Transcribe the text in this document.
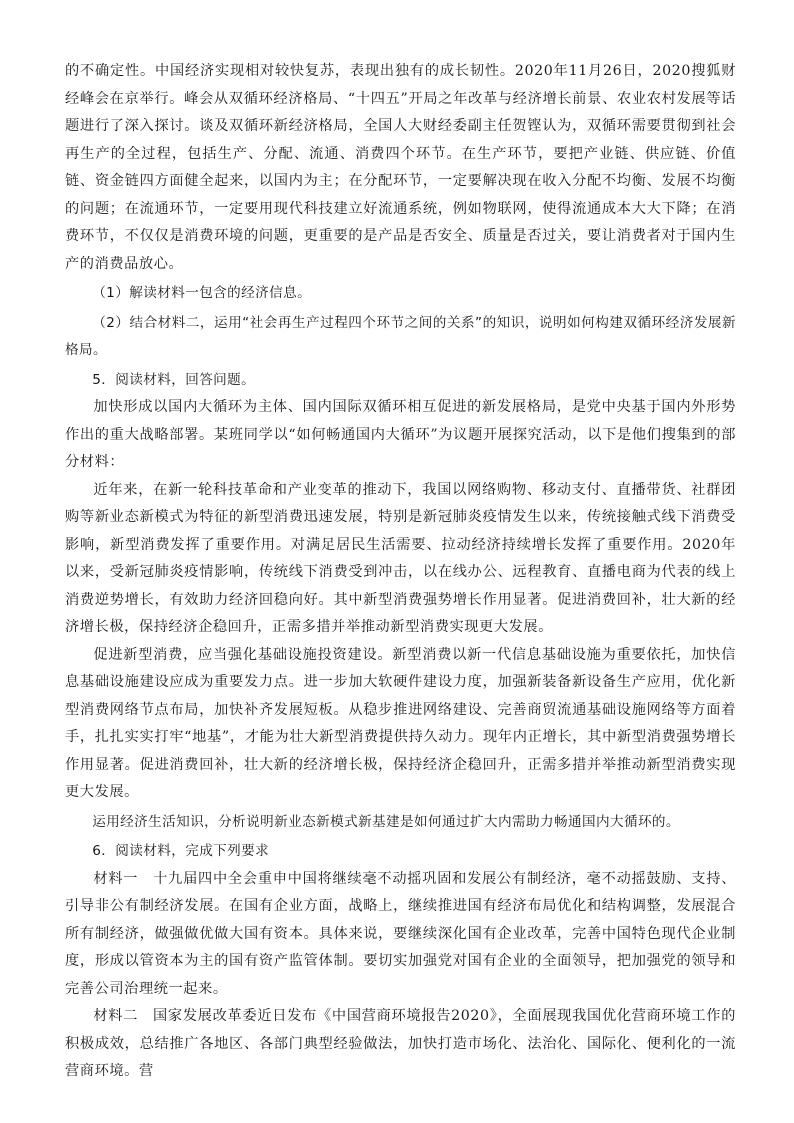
的不确定性。中国经济实现相对较快复苏，表现出独有的成长韧性。2020年11月26日，2020搜狐财经峰会在京举行。峰会从双循环经济格局、“十四五”开局之年改革与经济增长前景、农业农村发展等话题进行了深入探讨。谈及双循环新经济格局，全国人大财经委副主任贺铿认为，双循环需要贯彻到社会再生产的全过程，包括生产、分配、流通、消费四个环节。在生产环节，要把产业链、供应链、价值链、资金链四方面健全起来，以国内为主；在分配环节，一定要解决现在收入分配不均衡、发展不均衡的问题；在流通环节，一定要用现代科技建立好流通系统，例如物联网，使得流通成本大大下降；在消费环节，不仅仅是消费环境的问题，更重要的是产品是否安全、质量是否过关，要让消费者对于国内生产的消费品放心。

（1）解读材料一包含的经济信息。

（2）结合材料二，运用“社会再生产过程四个环节之间的关系”的知识，说明如何构建双循环经济发展新格局。

5．阅读材料，回答问题。

加快形成以国内大循环为主体、国内国际双循环相互促进的新发展格局，是党中央基于国内外形势作出的重大战略部署。某班同学以“如何畅通国内大循环”为议题开展探究活动，以下是他们搜集到的部分材料：

近年来，在新一轮科技革命和产业变革的推动下，我国以网络购物、移动支付、直播带货、社群团购等新业态新模式为特征的新型消费迅速发展，特别是新冠肺炎疫情发生以来，传统接触式线下消费受影响，新型消费发挥了重要作用。对满足居民生活需要、拉动经济持续增长发挥了重要作用。2020年以来，受新冠肺炎疫情影响，传统线下消费受到冲击，以在线办公、远程教育、直播电商为代表的线上消费逆势增长，有效助力经济回稳向好。其中新型消费强势增长作用显著。促进消费回补，壮大新的经济增长极，保持经济企稳回升，正需多措并举推动新型消费实现更大发展。

促进新型消费，应当强化基础设施投资建设。新型消费以新一代信息基础设施为重要依托，加快信息基础设施建设应成为重要发力点。进一步加大软硬件建设力度，加强新装备新设备生产应用，优化新型消费网络节点布局，加快补齐发展短板。从稳步推进网络建设、完善商贸流通基础设施网络等方面着手，扎扎实实打牢“地基”，才能为壮大新型消费提供持久动力。现年内正增长，其中新型消费强势增长作用显著。促进消费回补，壮大新的经济增长极，保持经济企稳回升，正需多措并举推动新型消费实现更大发展。

运用经济生活知识，分析说明新业态新模式新基建是如何通过扩大内需助力畅通国内大循环的。

6．阅读材料，完成下列要求

材料一　十九届四中全会重申中国将继续毫不动摇巩固和发展公有制经济，毫不动摇鼓励、支持、引导非公有制经济发展。在国有企业方面，战略上，继续推进国有经济布局优化和结构调整，发展混合所有制经济，做强做优做大国有资本。具体来说，要继续深化国有企业改革，完善中国特色现代企业制度，形成以管资本为主的国有资产监管体制。要切实加强党对国有企业的全面领导，把加强党的领导和完善公司治理统一起来。

材料二　国家发展改革委近日发布《中国营商环境报告2020》，全面展现我国优化营商环境工作的积极成效，总结推广各地区、各部门典型经验做法，加快打造市场化、法治化、国际化、便利化的一流营商环境。营
